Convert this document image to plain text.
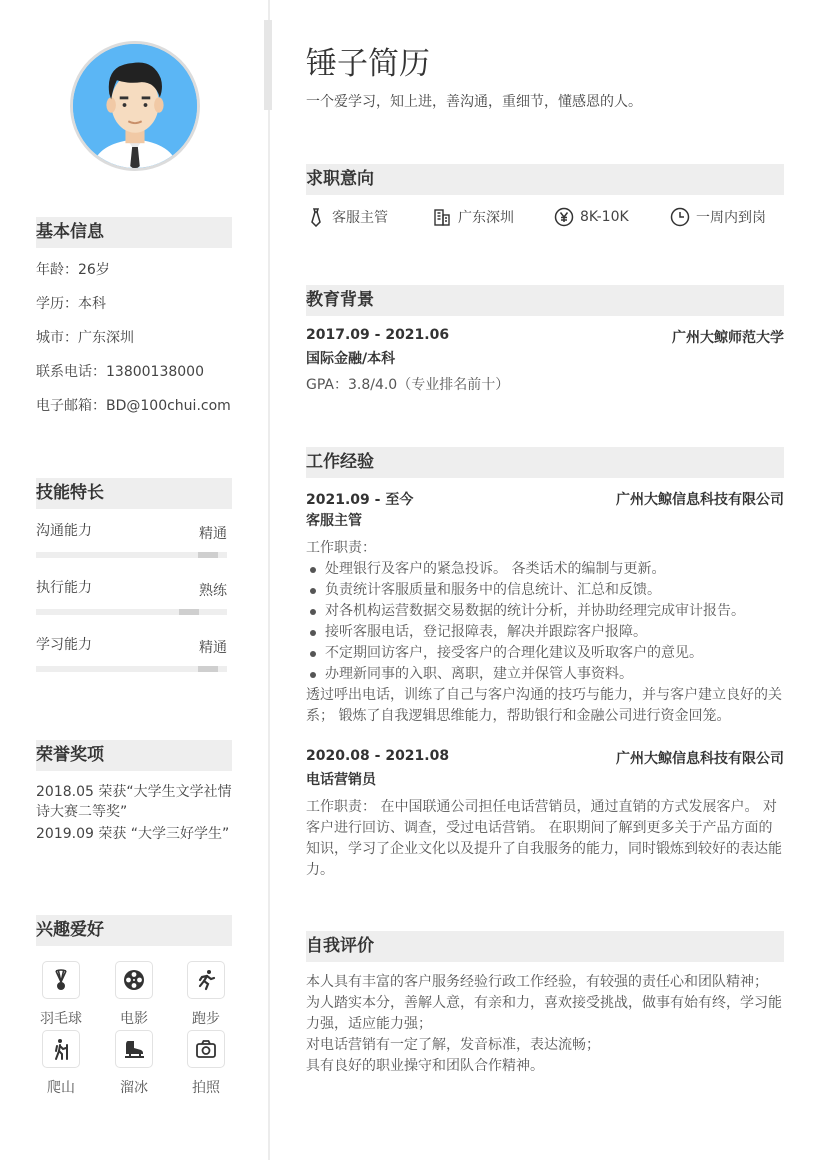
基本信息
年龄：26岁
学历：本科
城市：广东深圳
联系电话：13800138000
电子邮箱：BD@100chui.com
技能特长
沟通能力	精通
执行能力	熟练
学习能力	精通
荣誉奖项
2018.05 荣获“大学生文学社情诗大赛二等奖”
2019.09 荣获 “大学三好学生”
兴趣爱好
羽毛球	电影	跑步
爬山	溜冰	拍照
锤子简历
一个爱学习，知上进，善沟通，重细节，懂感恩的人。
求职意向
客服主管	广东深圳	8K-10K	一周内到岗
教育背景
2017.09 - 2021.06	广州大鲸师范大学
国际金融/本科
GPA：3.8/4.0（专业排名前十）
工作经验
2021.09 - 至今	广州大鲸信息科技有限公司
客服主管
工作职责：
处理银行及客户的紧急投诉。 各类话术的编制与更新。
负责统计客服质量和服务中的信息统计、汇总和反馈。
对各机构运营数据交易数据的统计分析，并协助经理完成审计报告。
接听客服电话，登记报障表，解决并跟踪客户报障。
不定期回访客户，接受客户的合理化建议及听取客户的意见。
办理新同事的入职、离职，建立并保管人事资料。
透过呼出电话，训练了自己与客户沟通的技巧与能力，并与客户建立良好的关系； 锻炼了自我逻辑思维能力，帮助银行和金融公司进行资金回笼。
2020.08 - 2021.08	广州大鲸信息科技有限公司
电话营销员
工作职责： 在中国联通公司担任电话营销员，通过直销的方式发展客户。 对客户进行回访、调查，受过电话营销。 在职期间了解到更多关于产品方面的知识，学习了企业文化以及提升了自我服务的能力，同时锻炼到较好的表达能力。
自我评价
本人具有丰富的客户服务经验行政工作经验，有较强的责任心和团队精神；
为人踏实本分，善解人意，有亲和力，喜欢接受挑战，做事有始有终，学习能力强，适应能力强；
对电话营销有一定了解，发音标准，表达流畅；
具有良好的职业操守和团队合作精神。
